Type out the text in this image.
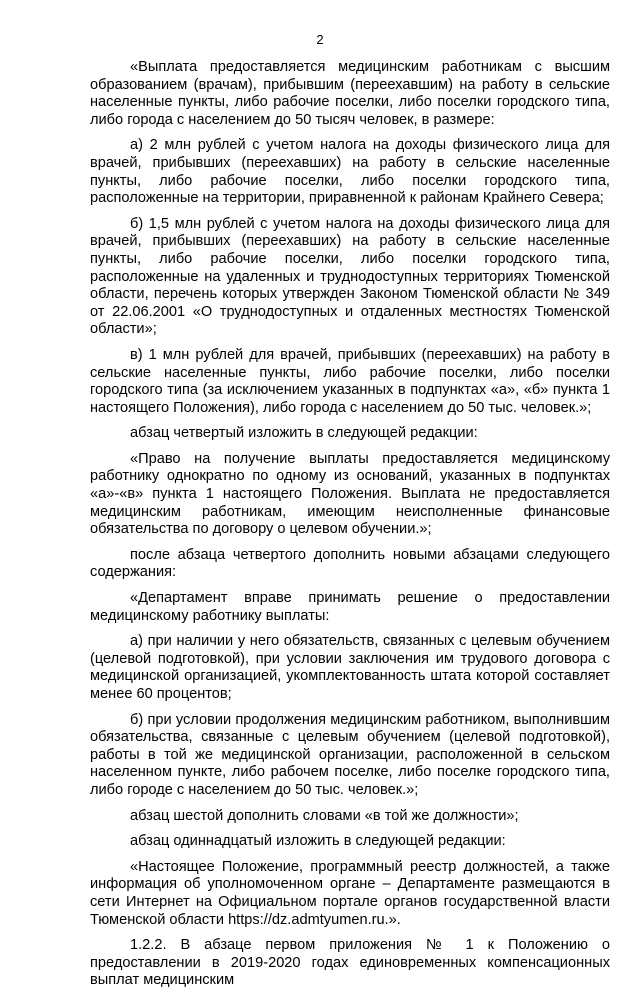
2

«Выплата предоставляется медицинским работникам с высшим образованием (врачам), прибывшим (переехавшим) на работу в сельские населенные пункты, либо рабочие поселки, либо поселки городского типа, либо города с населением до 50 тысяч человек, в размере:

а) 2 млн рублей с учетом налога на доходы физического лица для врачей, прибывших (переехавших) на работу в сельские населенные пункты, либо рабочие поселки, либо поселки городского типа, расположенные на территории, приравненной к районам Крайнего Севера;

б) 1,5 млн рублей с учетом налога на доходы физического лица для врачей, прибывших (переехавших) на работу в сельские населенные пункты, либо рабочие поселки, либо поселки городского типа, расположенные на удаленных и труднодоступных территориях Тюменской области, перечень которых утвержден Законом Тюменской области № 349 от 22.06.2001 «О труднодоступных и отдаленных местностях Тюменской области»;

в) 1 млн рублей для врачей, прибывших (переехавших) на работу в сельские населенные пункты, либо рабочие поселки, либо поселки городского типа (за исключением указанных в подпунктах «а», «б» пункта 1 настоящего Положения), либо города с населением до 50 тыс. человек.»;

абзац четвертый изложить в следующей редакции:

«Право на получение выплаты предоставляется медицинскому работнику однократно по одному из оснований, указанных в подпунктах «а»-«в» пункта 1 настоящего Положения. Выплата не предоставляется медицинским работникам, имеющим неисполненные финансовые обязательства по договору о целевом обучении.»;

после абзаца четвертого дополнить новыми абзацами следующего содержания:

«Департамент вправе принимать решение о предоставлении медицинскому работнику выплаты:

а) при наличии у него обязательств, связанных с целевым обучением (целевой подготовкой), при условии заключения им трудового договора с медицинской организацией, укомплектованность штата которой составляет менее 60 процентов;

б) при условии продолжения медицинским работником, выполнившим обязательства, связанные с целевым обучением (целевой подготовкой), работы в той же медицинской организации, расположенной в сельском населенном пункте, либо рабочем поселке, либо поселке городского типа, либо городе с населением до 50 тыс. человек.»;

абзац шестой дополнить словами «в той же должности»;

абзац одиннадцатый изложить в следующей редакции:

«Настоящее Положение, программный реестр должностей, а также информация об уполномоченном органе – Департаменте размещаются в сети Интернет на Официальном портале органов государственной власти Тюменской области https://dz.admtyumen.ru.».

1.2.2. В абзаце первом приложения № 1 к Положению о предоставлении в 2019-2020 годах единовременных компенсационных выплат медицинским
